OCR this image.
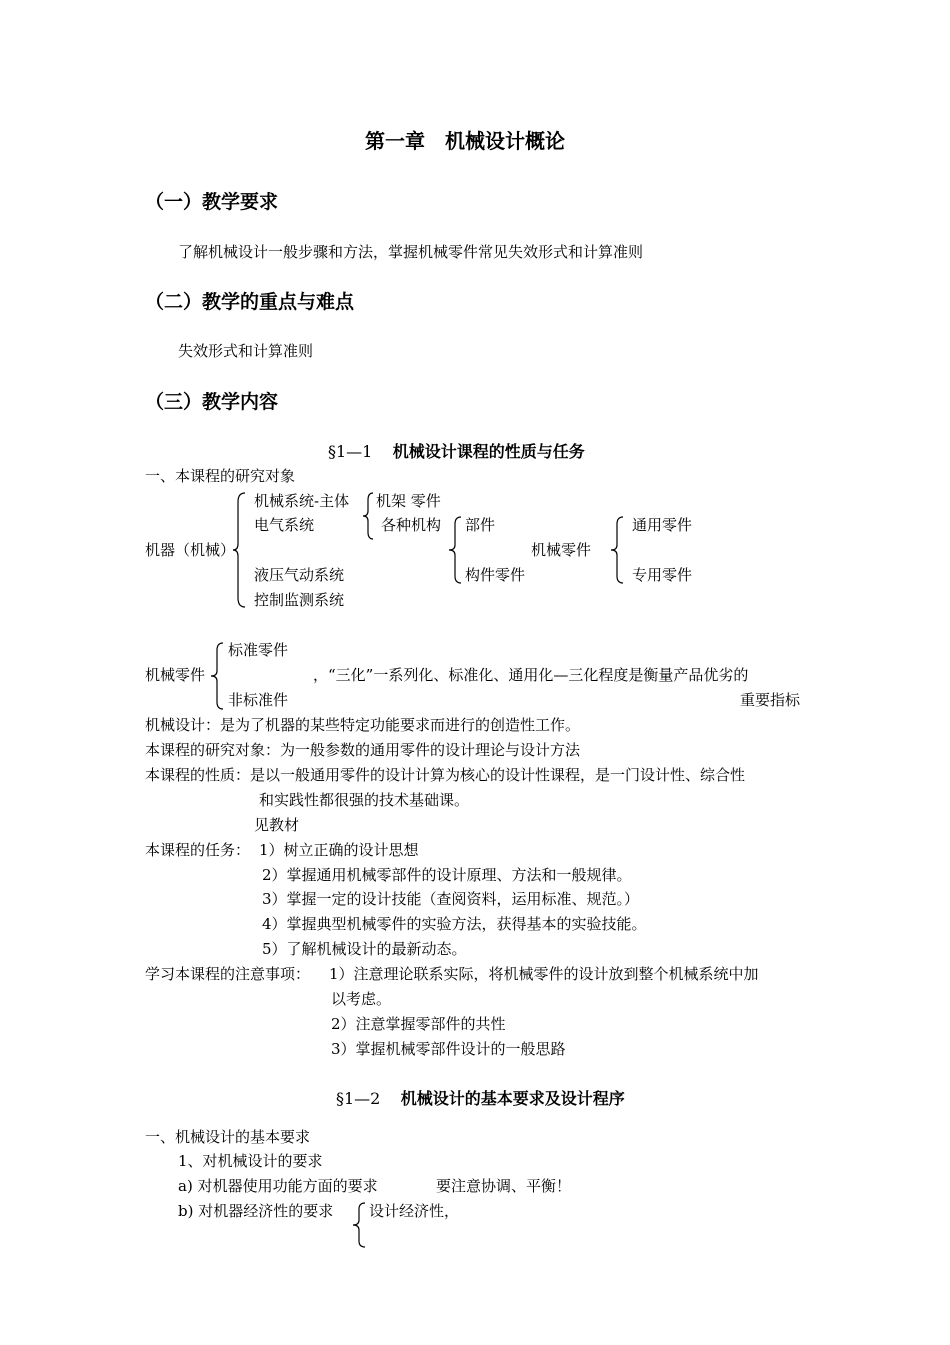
第一章　机械设计概论
（一）教学要求
了解机械设计一般步骤和方法，掌握机械零件常见失效形式和计算准则
（二）教学的重点与难点
失效形式和计算准则
（三）教学内容
§1—1 机械设计课程的性质与任务
一、本课程的研究对象
机器（机械）
机械系统-主体
电气系统
液压气动系统
控制监测系统
机架 零件
各种机构 部件
构件零件
机械零件
通用零件
专用零件
机械零件
标准零件
非标准件
，“三化”一系列化、标准化、通用化—三化程度是衡量产品优劣的
重要指标
机械设计：是为了机器的某些特定功能要求而进行的创造性工作。
本课程的研究对象：为一般参数的通用零件的设计理论与设计方法
本课程的性质：是以一般通用零件的设计计算为核心的设计性课程，是一门设计性、综合性
和实践性都很强的技术基础课。
见教材
本课程的任务： 1）树立正确的设计思想
2）掌握通用机械零部件的设计原理、方法和一般规律。
3）掌握一定的设计技能（查阅资料，运用标准、规范。）
4）掌握典型机械零件的实验方法，获得基本的实验技能。
5）了解机械设计的最新动态。
学习本课程的注意事项： 1）注意理论联系实际，将机械零件的设计放到整个机械系统中加
以考虑。
2）注意掌握零部件的共性
3）掌握机械零部件设计的一般思路
§1—2 机械设计的基本要求及设计程序
一、机械设计的基本要求
1、对机械设计的要求
a) 对机器使用功能方面的要求	要注意协调、平衡！
b) 对机器经济性的要求 设计经济性，
